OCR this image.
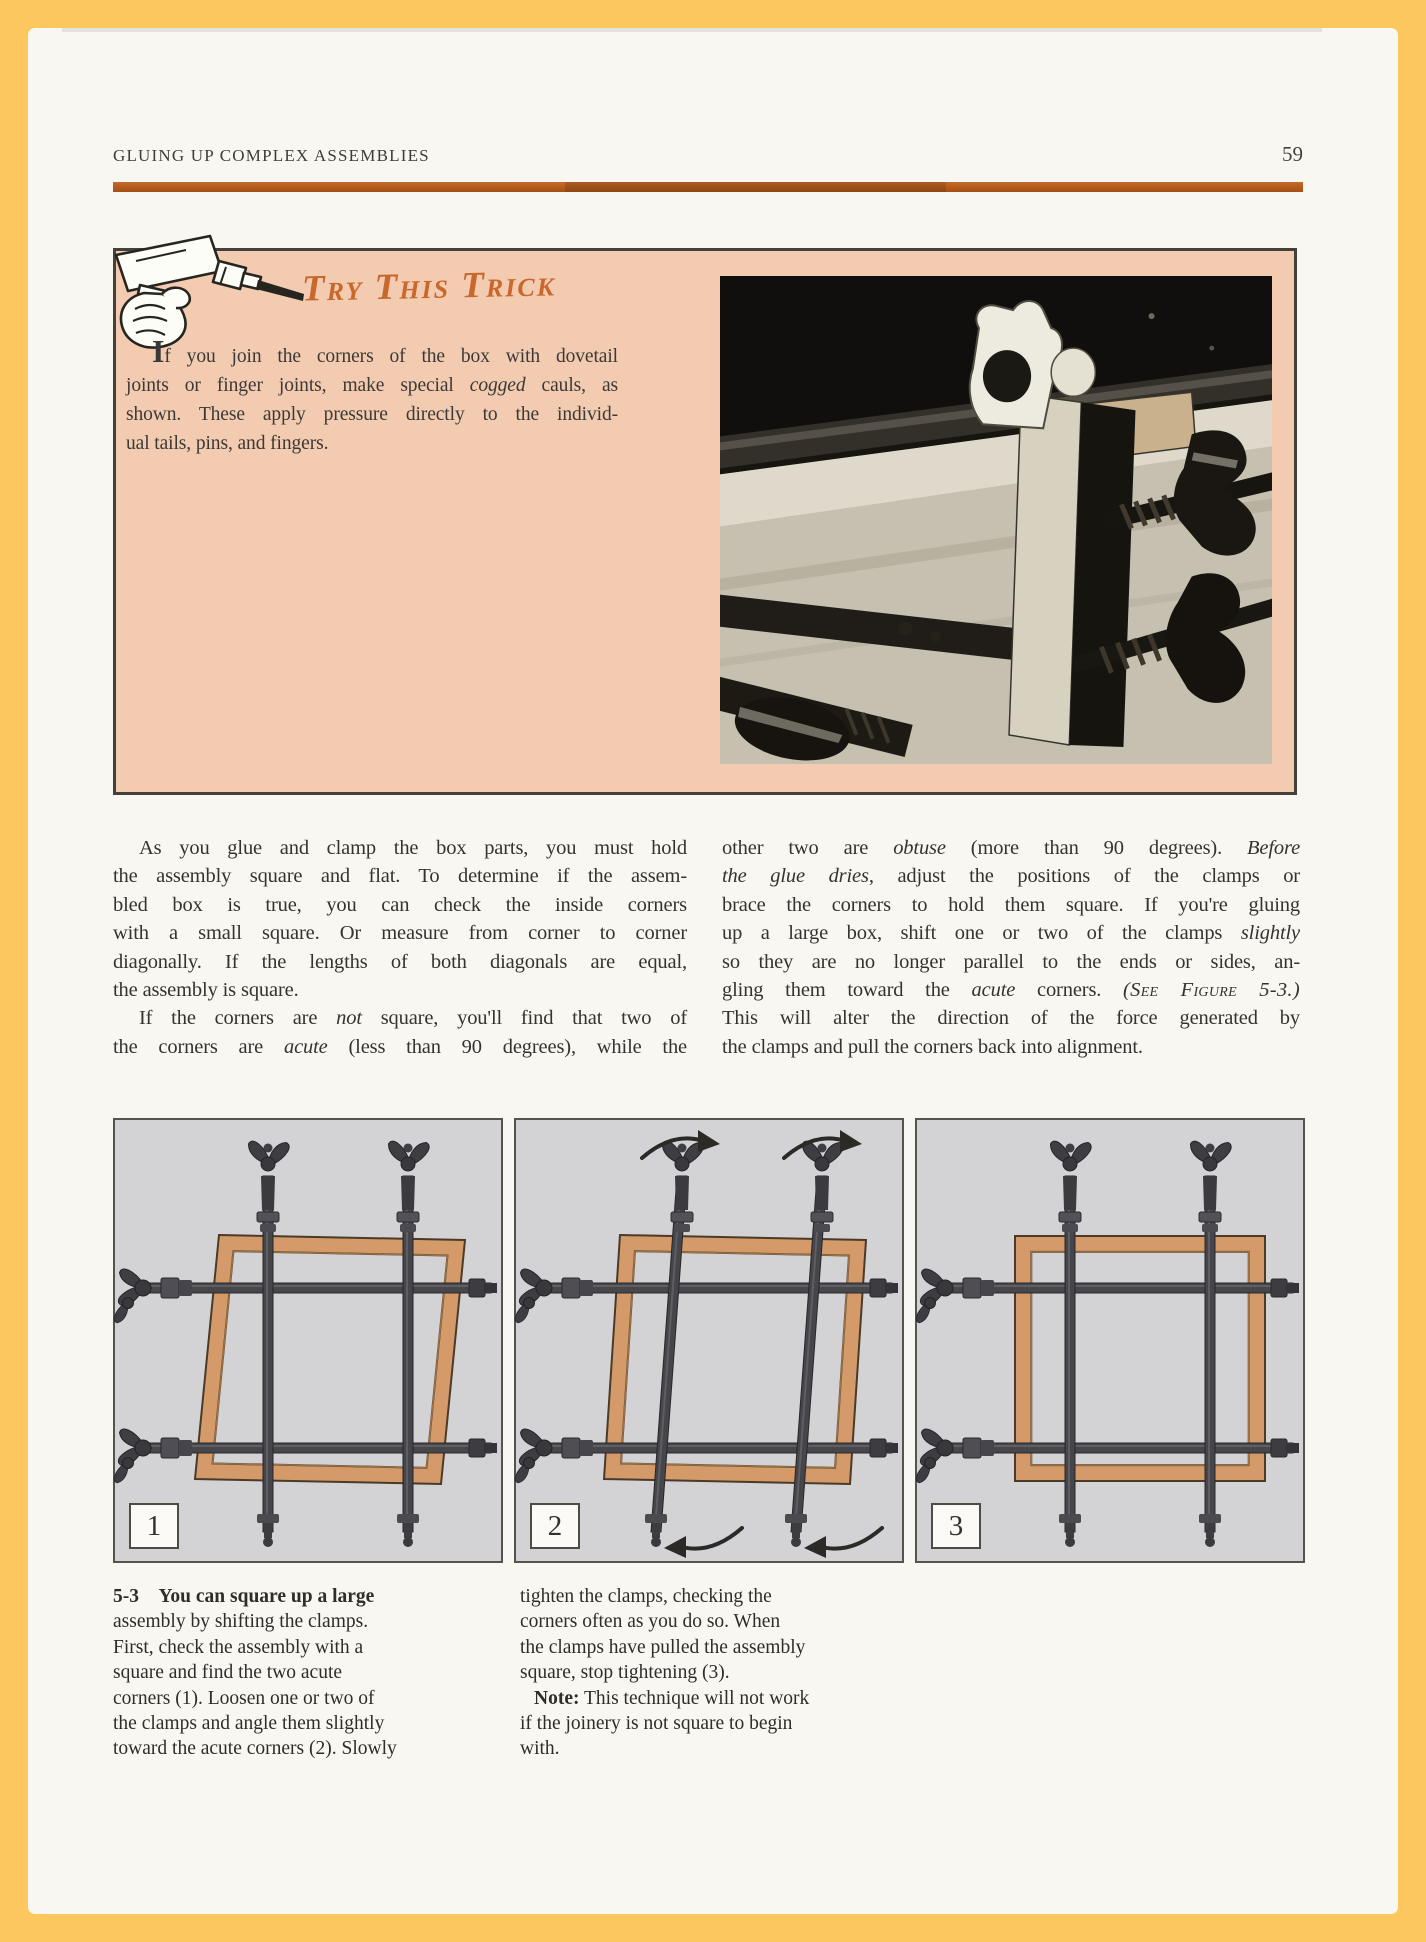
GLUING UP COMPLEX ASSEMBLIES	59
Try This Trick
If you join the corners of the box with dovetail
joints or finger joints, make special cogged cauls, as
shown. These apply pressure directly to the individ-
ual tails, pins, and fingers.
As you glue and clamp the box parts, you must hold
the assembly square and flat. To determine if the assem-
bled box is true, you can check the inside corners
with a small square. Or measure from corner to corner
diagonally. If the lengths of both diagonals are equal,
the assembly is square.
If the corners are not square, you'll find that two of
the corners are acute (less than 90 degrees), while the
other two are obtuse (more than 90 degrees). Before
the glue dries, adjust the positions of the clamps or
brace the corners to hold them square. If you're gluing
up a large box, shift one or two of the clamps slightly
so they are no longer parallel to the ends or sides, an-
gling them toward the acute corners. (See Figure 5-3.)
This will alter the direction of the force generated by
the clamps and pull the corners back into alignment.
1	2	3
5-3   You can square up a large
assembly by shifting the clamps.
First, check the assembly with a
square and find the two acute
corners (1). Loosen one or two of
the clamps and angle them slightly
toward the acute corners (2). Slowly
tighten the clamps, checking the
corners often as you do so. When
the clamps have pulled the assembly
square, stop tightening (3).
Note: This technique will not work
if the joinery is not square to begin
with.
